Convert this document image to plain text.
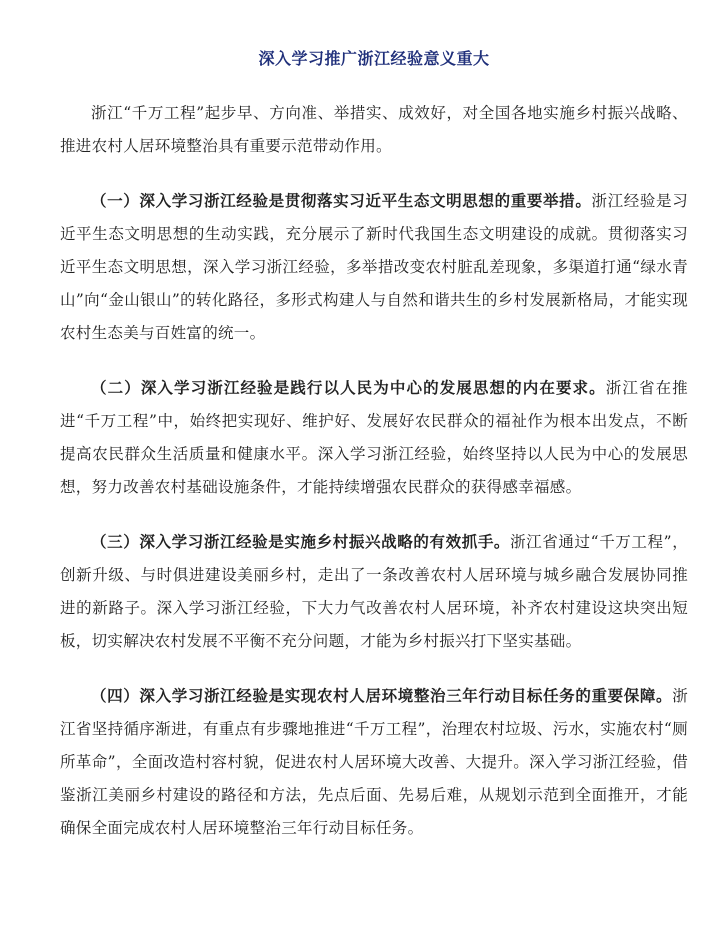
深入学习推广浙江经验意义重大

浙江“千万工程”起步早、方向准、举措实、成效好，对全国各地实施乡村振兴战略、推进农村人居环境整治具有重要示范带动作用。

（一）深入学习浙江经验是贯彻落实习近平生态文明思想的重要举措。浙江经验是习近平生态文明思想的生动实践，充分展示了新时代我国生态文明建设的成就。贯彻落实习近平生态文明思想，深入学习浙江经验，多举措改变农村脏乱差现象，多渠道打通“绿水青山”向“金山银山”的转化路径，多形式构建人与自然和谐共生的乡村发展新格局，才能实现农村生态美与百姓富的统一。

（二）深入学习浙江经验是践行以人民为中心的发展思想的内在要求。浙江省在推进“千万工程”中，始终把实现好、维护好、发展好农民群众的福祉作为根本出发点，不断提高农民群众生活质量和健康水平。深入学习浙江经验，始终坚持以人民为中心的发展思想，努力改善农村基础设施条件，才能持续增强农民群众的获得感幸福感。

（三）深入学习浙江经验是实施乡村振兴战略的有效抓手。浙江省通过“千万工程”，创新升级、与时俱进建设美丽乡村，走出了一条改善农村人居环境与城乡融合发展协同推进的新路子。深入学习浙江经验，下大力气改善农村人居环境，补齐农村建设这块突出短板，切实解决农村发展不平衡不充分问题，才能为乡村振兴打下坚实基础。

（四）深入学习浙江经验是实现农村人居环境整治三年行动目标任务的重要保障。浙江省坚持循序渐进，有重点有步骤地推进“千万工程”，治理农村垃圾、污水，实施农村“厕所革命”，全面改造村容村貌，促进农村人居环境大改善、大提升。深入学习浙江经验，借鉴浙江美丽乡村建设的路径和方法，先点后面、先易后难，从规划示范到全面推开，才能确保全面完成农村人居环境整治三年行动目标任务。
